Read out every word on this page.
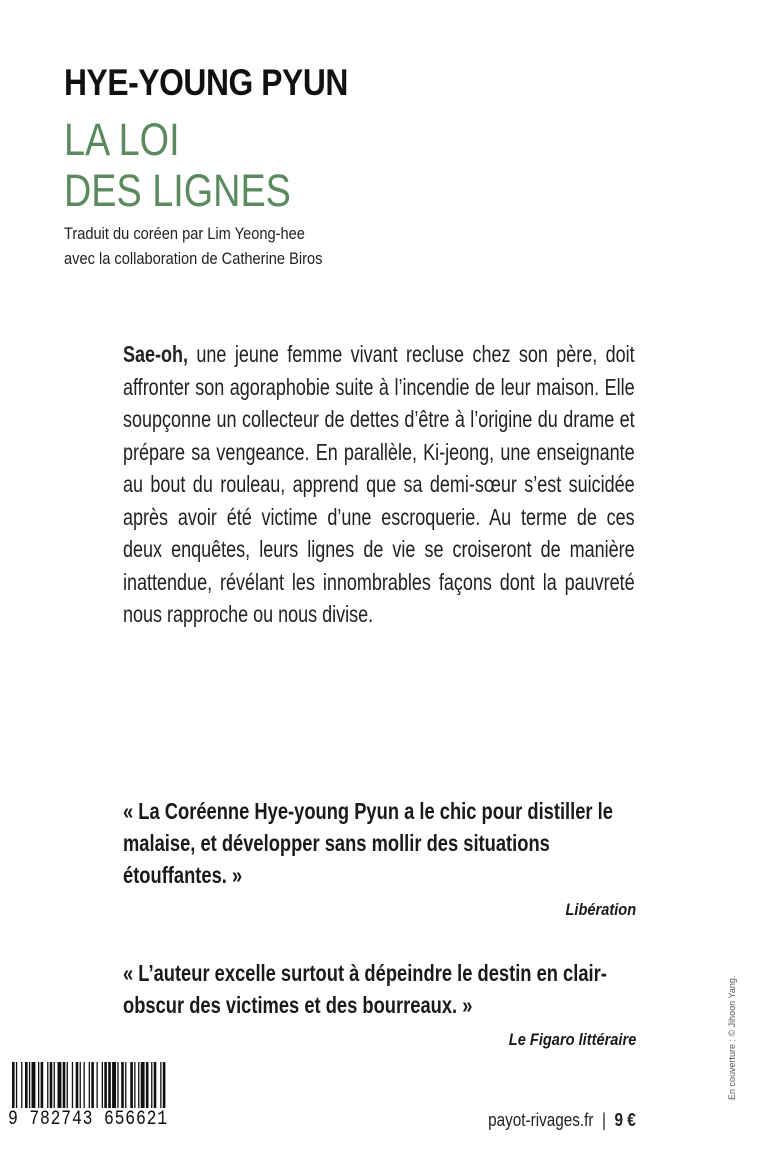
HYE-YOUNG PYUN
LA LOI
DES LIGNES
Traduit du coréen par Lim Yeong-hee
avec la collaboration de Catherine Biros
Sae-oh, une jeune femme vivant recluse chez son père, doit affronter son agoraphobie suite à l’incendie de leur maison. Elle soupçonne un collecteur de dettes d’être à l’origine du drame et prépare sa vengeance. En parallèle, Ki-jeong, une enseignante au bout du rouleau, apprend que sa demi-sœur s’est suicidée après avoir été victime d’une escroquerie. Au terme de ces deux enquêtes, leurs lignes de vie se croiseront de manière inattendue, révélant les innombrables façons dont la pauvreté nous rapproche ou nous divise.
« La Coréenne Hye-young Pyun a le chic pour distiller le malaise, et développer sans mollir des situations étouffantes. »
Libération
« L’auteur excelle surtout à dépeindre le destin en clair-obscur des victimes et des bourreaux. »
Le Figaro littéraire	En couverture : © Jihoon Yang.
9 782743 656621	payot-rivages.fr | 9 €
